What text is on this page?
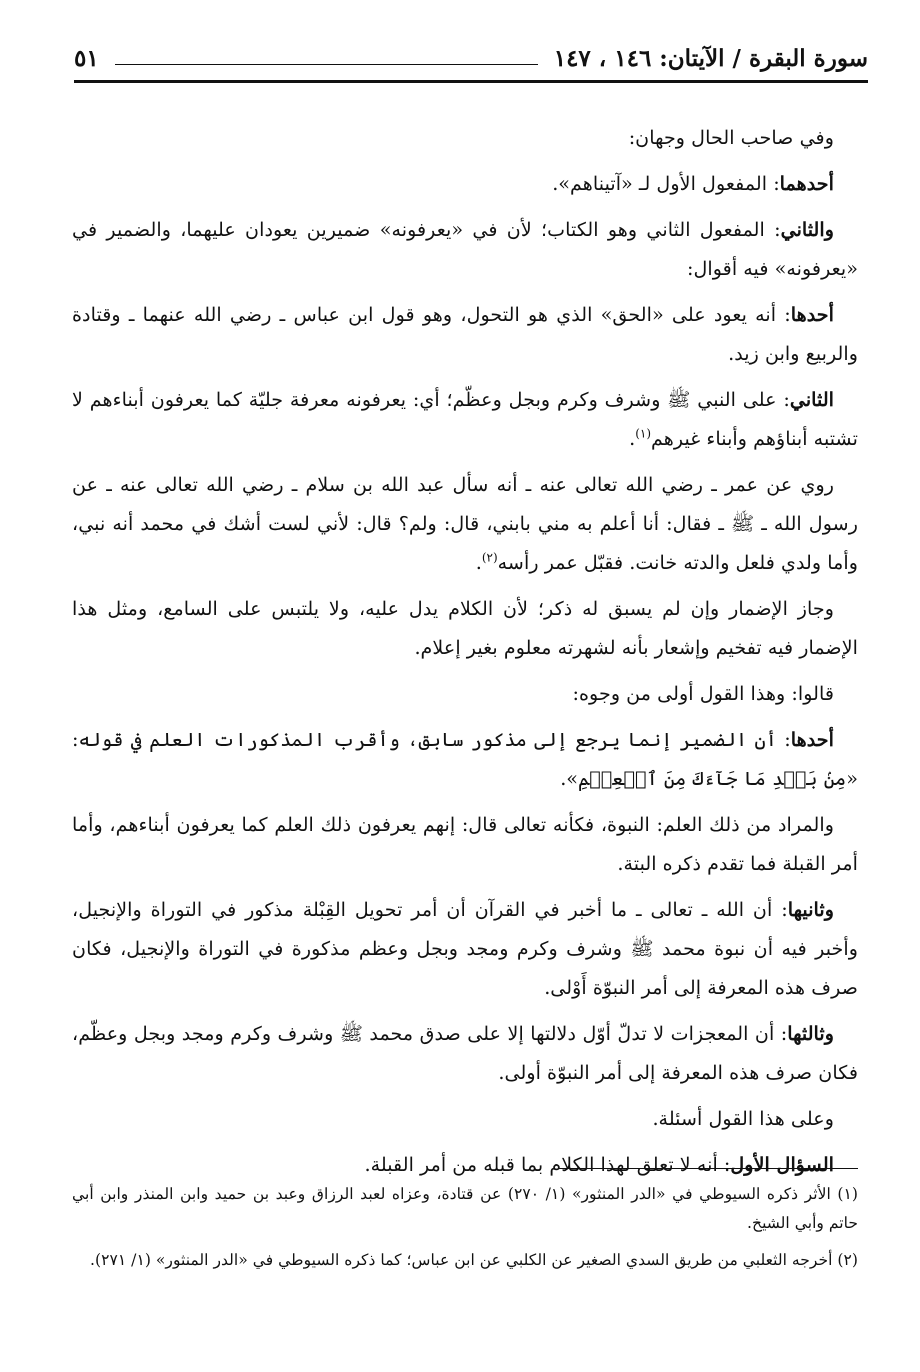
سورة البقرة / الآيتان: ١٤٦ ، ١٤٧
٥١

وفي صاحب الحال وجهان:

أحدهما: المفعول الأول لـ «آتيناهم».

والثاني: المفعول الثاني وهو الكتاب؛ لأن في «يعرفونه» ضميرين يعودان عليهما، والضمير في «يعرفونه» فيه أقوال:

أحدها: أنه يعود على «الحق» الذي هو التحول، وهو قول ابن عباس ـ رضي الله عنهما ـ وقتادة والربيع وابن زيد.

الثاني: على النبي ﷺ وشرف وكرم وبجل وعظّم؛ أي: يعرفونه معرفة جليّة كما يعرفون أبناءهم لا تشتبه أبناؤهم وأبناء غيرهم$^{(١)}$.

روي عن عمر ـ رضي الله تعالى عنه ـ أنه سأل عبد الله بن سلام ـ رضي الله تعالى عنه ـ عن رسول الله ـ ﷺ ـ فقال: أنا أعلم به مني بابني، قال: ولم؟ قال: لأني لست أشك في محمد أنه نبي، وأما ولدي فلعل والدته خانت. فقبّل عمر رأسه$^{(٢)}$.

وجاز الإضمار وإن لم يسبق له ذكر؛ لأن الكلام يدل عليه، ولا يلتبس على السامع، ومثل هذا الإضمار فيه تفخيم وإشعار بأنه لشهرته معلوم بغير إعلام.

قالوا: وهذا القول أولى من وجوه:

أحدها: أن الضمير إنما يرجع إلى مذكور سابق، وأقرب المذكورات العلم في قوله: «مِنۢ بَعۡدِ مَا جَآءَكَ مِنَ ٱلۡعِلۡمِ».

والمراد من ذلك العلم: النبوة، فكأنه تعالى قال: إنهم يعرفون ذلك العلم كما يعرفون أبناءهم، وأما أمر القبلة فما تقدم ذكره البتة.

وثانيها: أن الله ـ تعالى ـ ما أخبر في القرآن أن أمر تحويل القِبْلة مذكور في التوراة والإنجيل، وأخبر فيه أن نبوة محمد ﷺ وشرف وكرم ومجد وبجل وعظم مذكورة في التوراة والإنجيل، فكان صرف هذه المعرفة إلى أمر النبوّة أَوْلى.

وثالثها: أن المعجزات لا تدلّ أوّل دلالتها إلا على صدق محمد ﷺ وشرف وكرم ومجد وبجل وعظّم، فكان صرف هذه المعرفة إلى أمر النبوّة أولى.

وعلى هذا القول أسئلة.

السؤال الأول: أنه لا تعلق لهذا الكلام بما قبله من أمر القبلة.

(١) الأثر ذكره السيوطي في «الدر المنثور» (١/ ٢٧٠) عن قتادة، وعزاه لعبد الرزاق وعبد بن حميد وابن المنذر وابن أبي حاتم وأبي الشيخ.

(٢) أخرجه الثعلبي من طريق السدي الصغير عن الكلبي عن ابن عباس؛ كما ذكره السيوطي في «الدر المنثور» (١/ ٢٧١).
